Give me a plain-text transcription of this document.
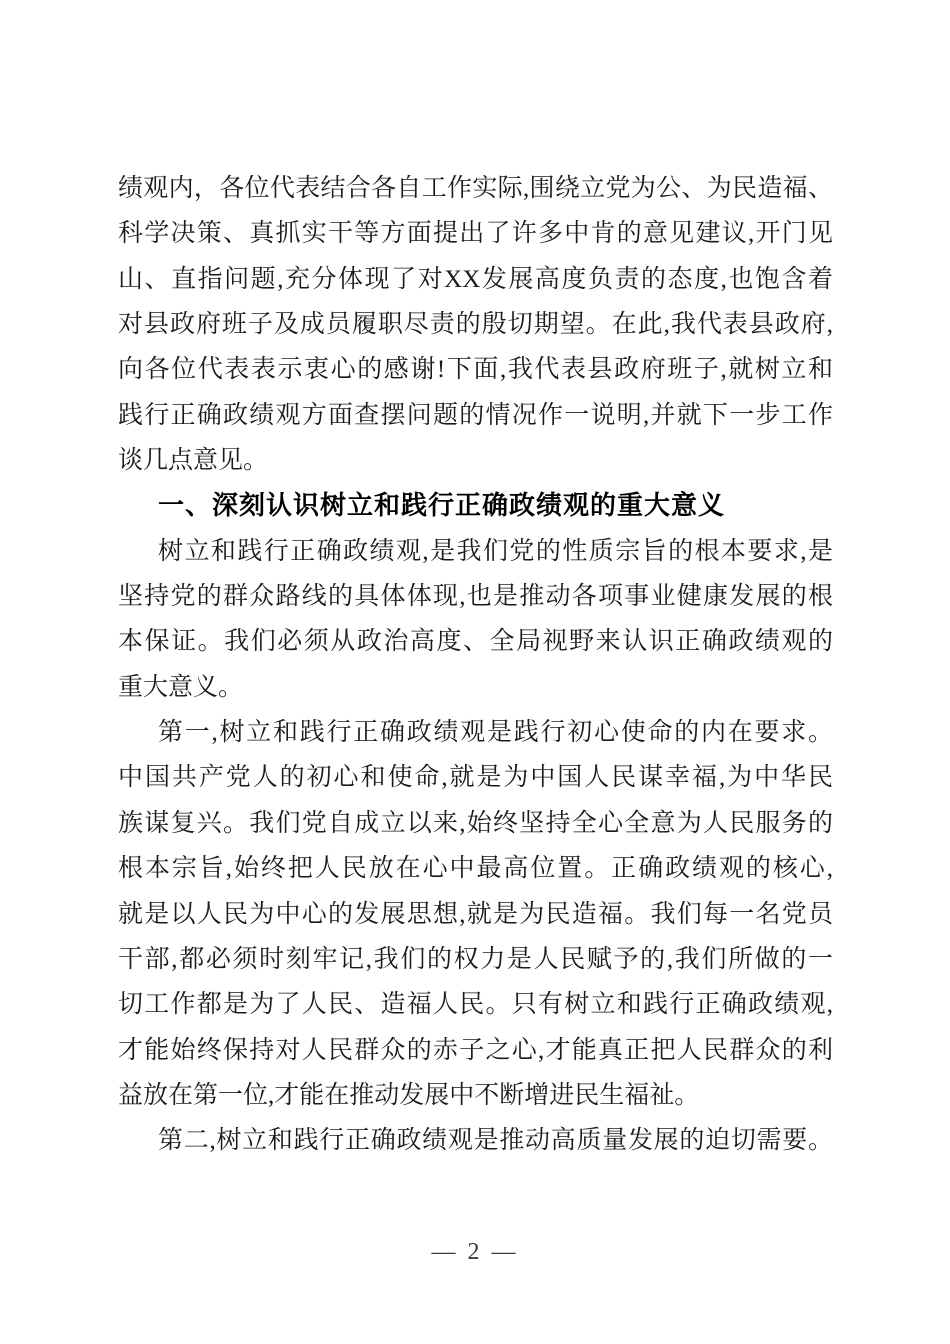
绩观内，各位代表结合各自工作实际,围绕立党为公、为民造福、
科学决策、真抓实干等方面提出了许多中肯的意见建议,开门见
山、直指问题,充分体现了对XX发展高度负责的态度,也饱含着
对县政府班子及成员履职尽责的殷切期望。在此,我代表县政府,
向各位代表表示衷心的感谢!下面,我代表县政府班子,就树立和
践行正确政绩观方面查摆问题的情况作一说明,并就下一步工作
谈几点意见。
一、深刻认识树立和践行正确政绩观的重大意义
树立和践行正确政绩观,是我们党的性质宗旨的根本要求,是
坚持党的群众路线的具体体现,也是推动各项事业健康发展的根
本保证。我们必须从政治高度、全局视野来认识正确政绩观的
重大意义。
第一,树立和践行正确政绩观是践行初心使命的内在要求。
中国共产党人的初心和使命,就是为中国人民谋幸福,为中华民
族谋复兴。我们党自成立以来,始终坚持全心全意为人民服务的
根本宗旨,始终把人民放在心中最高位置。正确政绩观的核心,
就是以人民为中心的发展思想,就是为民造福。我们每一名党员
干部,都必须时刻牢记,我们的权力是人民赋予的,我们所做的一
切工作都是为了人民、造福人民。只有树立和践行正确政绩观,
才能始终保持对人民群众的赤子之心,才能真正把人民群众的利
益放在第一位,才能在推动发展中不断增进民生福祉。
第二,树立和践行正确政绩观是推动高质量发展的迫切需要。
— 2 —
